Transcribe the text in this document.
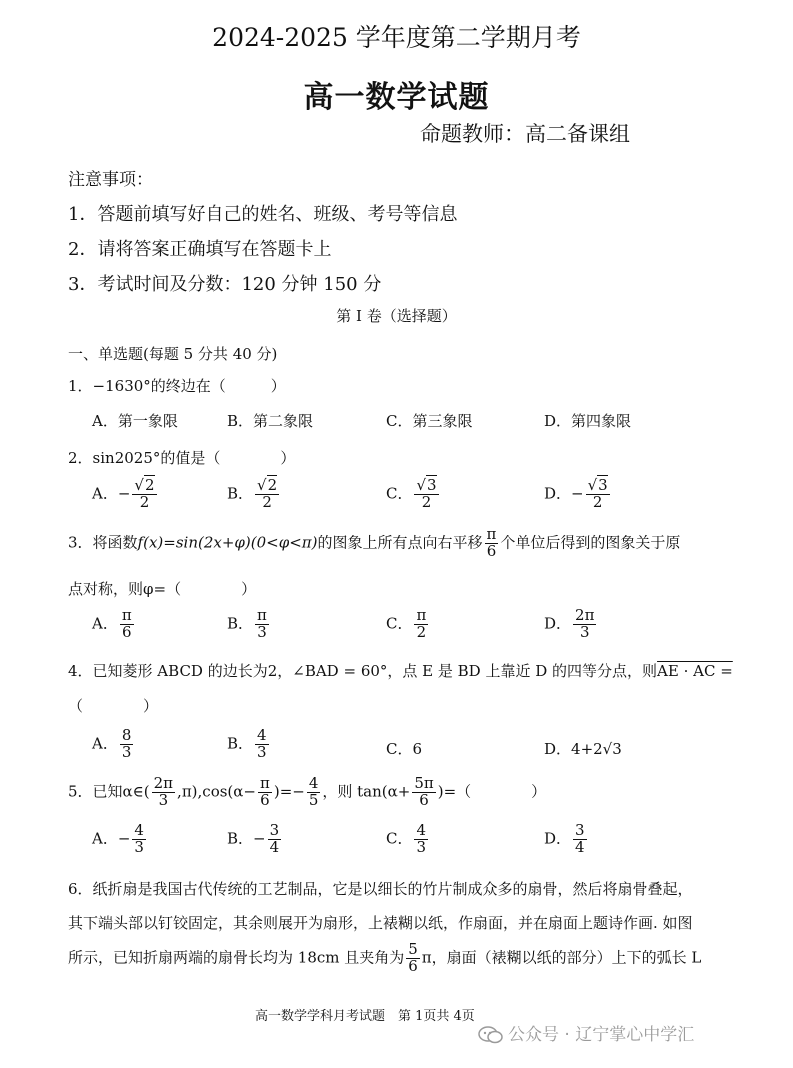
2024-2025 学年度第二学期月考
高一数学试题
命题教师：高二备课组
注意事项：
1．答题前填写好自己的姓名、班级、考号等信息
2．请将答案正确填写在答题卡上
3．考试时间及分数：120 分钟 150 分
第 I 卷（选择题）
一、单选题(每题 5 分共 40 分)
1．−1630°的终边在（　　　）
A．第一象限	B．第二象限	C．第三象限	D．第四象限
2．sin2025°的值是（　　　　）
A．− $\frac{√2}{2}$	B． $\frac{√2}{2}$	C． $\frac{√3}{2}$	D．− $\frac{√3}{2}$
3．将函数f(x)=sin(2x+φ)(0<φ<π)的图象上所有点向右平移 $\frac{\pi}{6}$ 个单位后得到的图象关于原
点对称，则φ=（　　　　）
A． $\frac{\pi}{6}$	B． $\frac{\pi}{3}$	C． $\frac{\pi}{2}$	D． $\frac{2\pi}{3}$
4．已知菱形 ABCD 的边长为2，∠BAD = 60°，点 E 是 BD 上靠近 D 的四等分点，则AE · AC =
（　　　　）
A． $\frac{8}{3}$	B． $\frac{4}{3}$	C．6	D．4+2√3
5．已知α∈( $\frac{2\pi}{3} ,\pi),\cos(\alpha- \frac{\pi}{6}$ )=− $\frac{4}{5}$ ，则 $\tan(\alpha+ \frac{5\pi}{6}$ )=（　　　　）
A．− $\frac{4}{3}$	B．− $\frac{3}{4}$	C． $\frac{4}{3}$	D． $\frac{3}{4}$
6．纸折扇是我国古代传统的工艺制品，它是以细长的竹片制成众多的扇骨，然后将扇骨叠起，
其下端头部以钉铰固定，其余则展开为扇形，上裱糊以纸，作扇面，并在扇面上题诗作画. 如图
所示，已知折扇两端的扇骨长均为 18cm 且夹角为 $\frac{5}{6}$ π，扇面（裱糊以纸的部分）上下的弧长 L
高一数学学科月考试题　第 1页共 4页
公众号 · 辽宁掌心中学汇
